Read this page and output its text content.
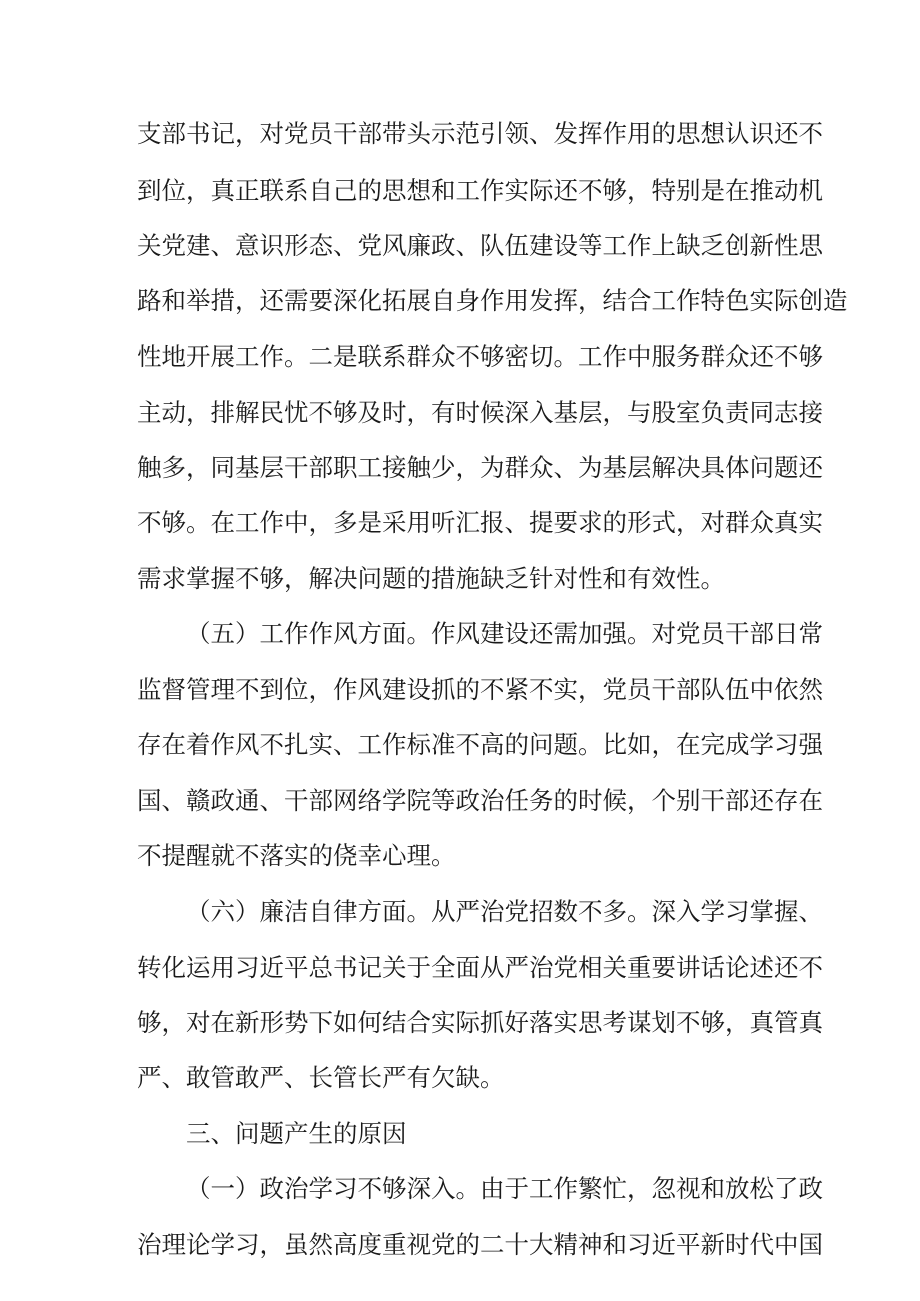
支部书记，对党员干部带头示范引领、发挥作用的思想认识还不
到位，真正联系自己的思想和工作实际还不够，特别是在推动机
关党建、意识形态、党风廉政、队伍建设等工作上缺乏创新性思
路和举措，还需要深化拓展自身作用发挥，结合工作特色实际创造
性地开展工作。二是联系群众不够密切。工作中服务群众还不够
主动，排解民忧不够及时，有时候深入基层，与股室负责同志接
触多，同基层干部职工接触少，为群众、为基层解决具体问题还
不够。在工作中，多是采用听汇报、提要求的形式，对群众真实
需求掌握不够，解决问题的措施缺乏针对性和有效性。
（五）工作作风方面。作风建设还需加强。对党员干部日常
监督管理不到位，作风建设抓的不紧不实，党员干部队伍中依然
存在着作风不扎实、工作标准不高的问题。比如，在完成学习强
国、赣政通、干部网络学院等政治任务的时候，个别干部还存在
不提醒就不落实的侥幸心理。
（六）廉洁自律方面。从严治党招数不多。深入学习掌握、
转化运用习近平总书记关于全面从严治党相关重要讲话论述还不
够，对在新形势下如何结合实际抓好落实思考谋划不够，真管真
严、敢管敢严、长管长严有欠缺。
三、问题产生的原因
（一）政治学习不够深入。由于工作繁忙，忽视和放松了政
治理论学习，虽然高度重视党的二十大精神和习近平新时代中国
